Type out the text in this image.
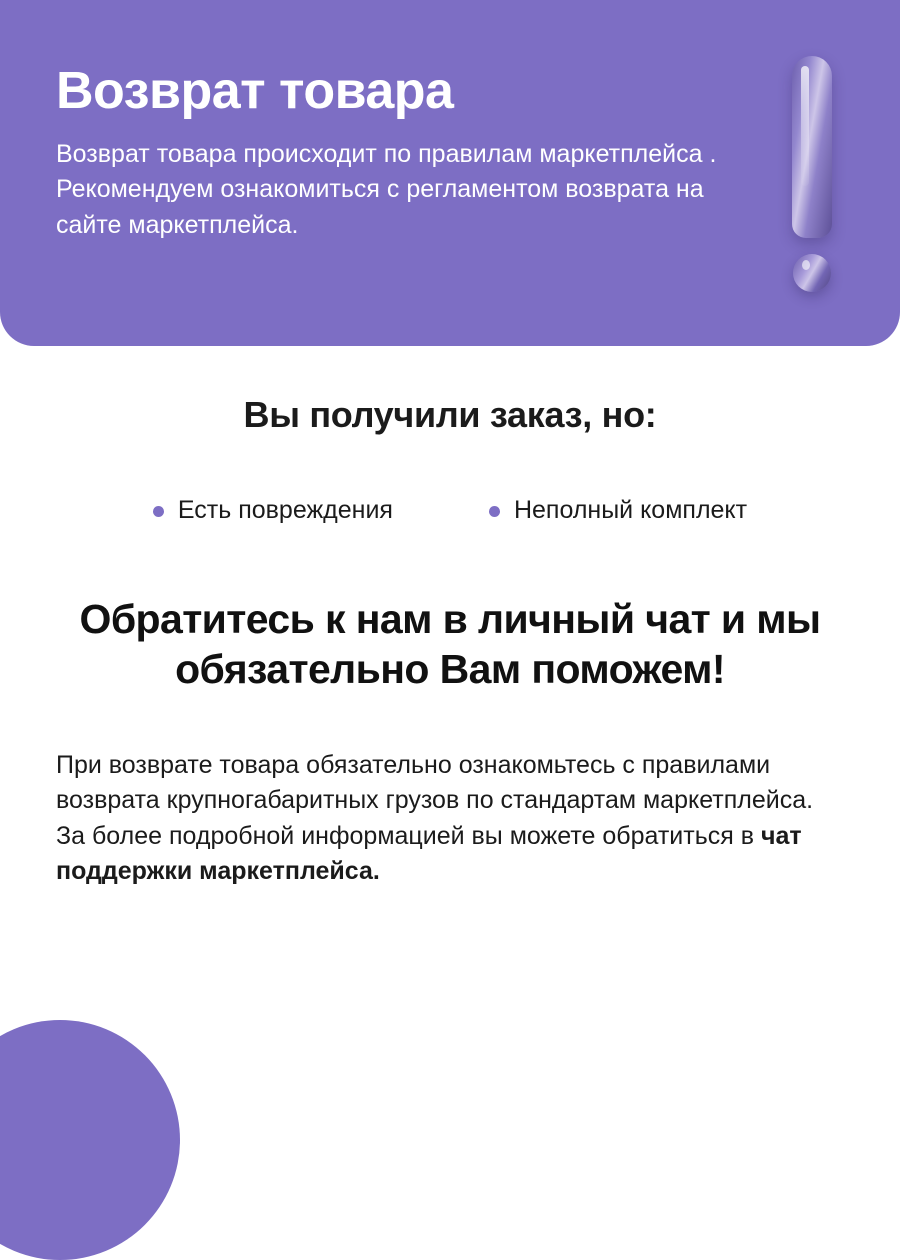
Возврат товара

Возврат товара происходит по правилам маркетплейса . Рекомендуем ознакомиться с регламентом возврата на сайте маркетплейса.

Вы получили заказ, но:
Есть повреждения	Неполный комплект
Обратитесь к нам в личный чат и мы обязательно Вам поможем!

При возврате товара обязательно ознакомьтесь с правилами возврата крупногабаритных грузов по стандартам маркетплейса.

За более подробной информацией вы можете обратиться в чат поддержки маркетплейса.
